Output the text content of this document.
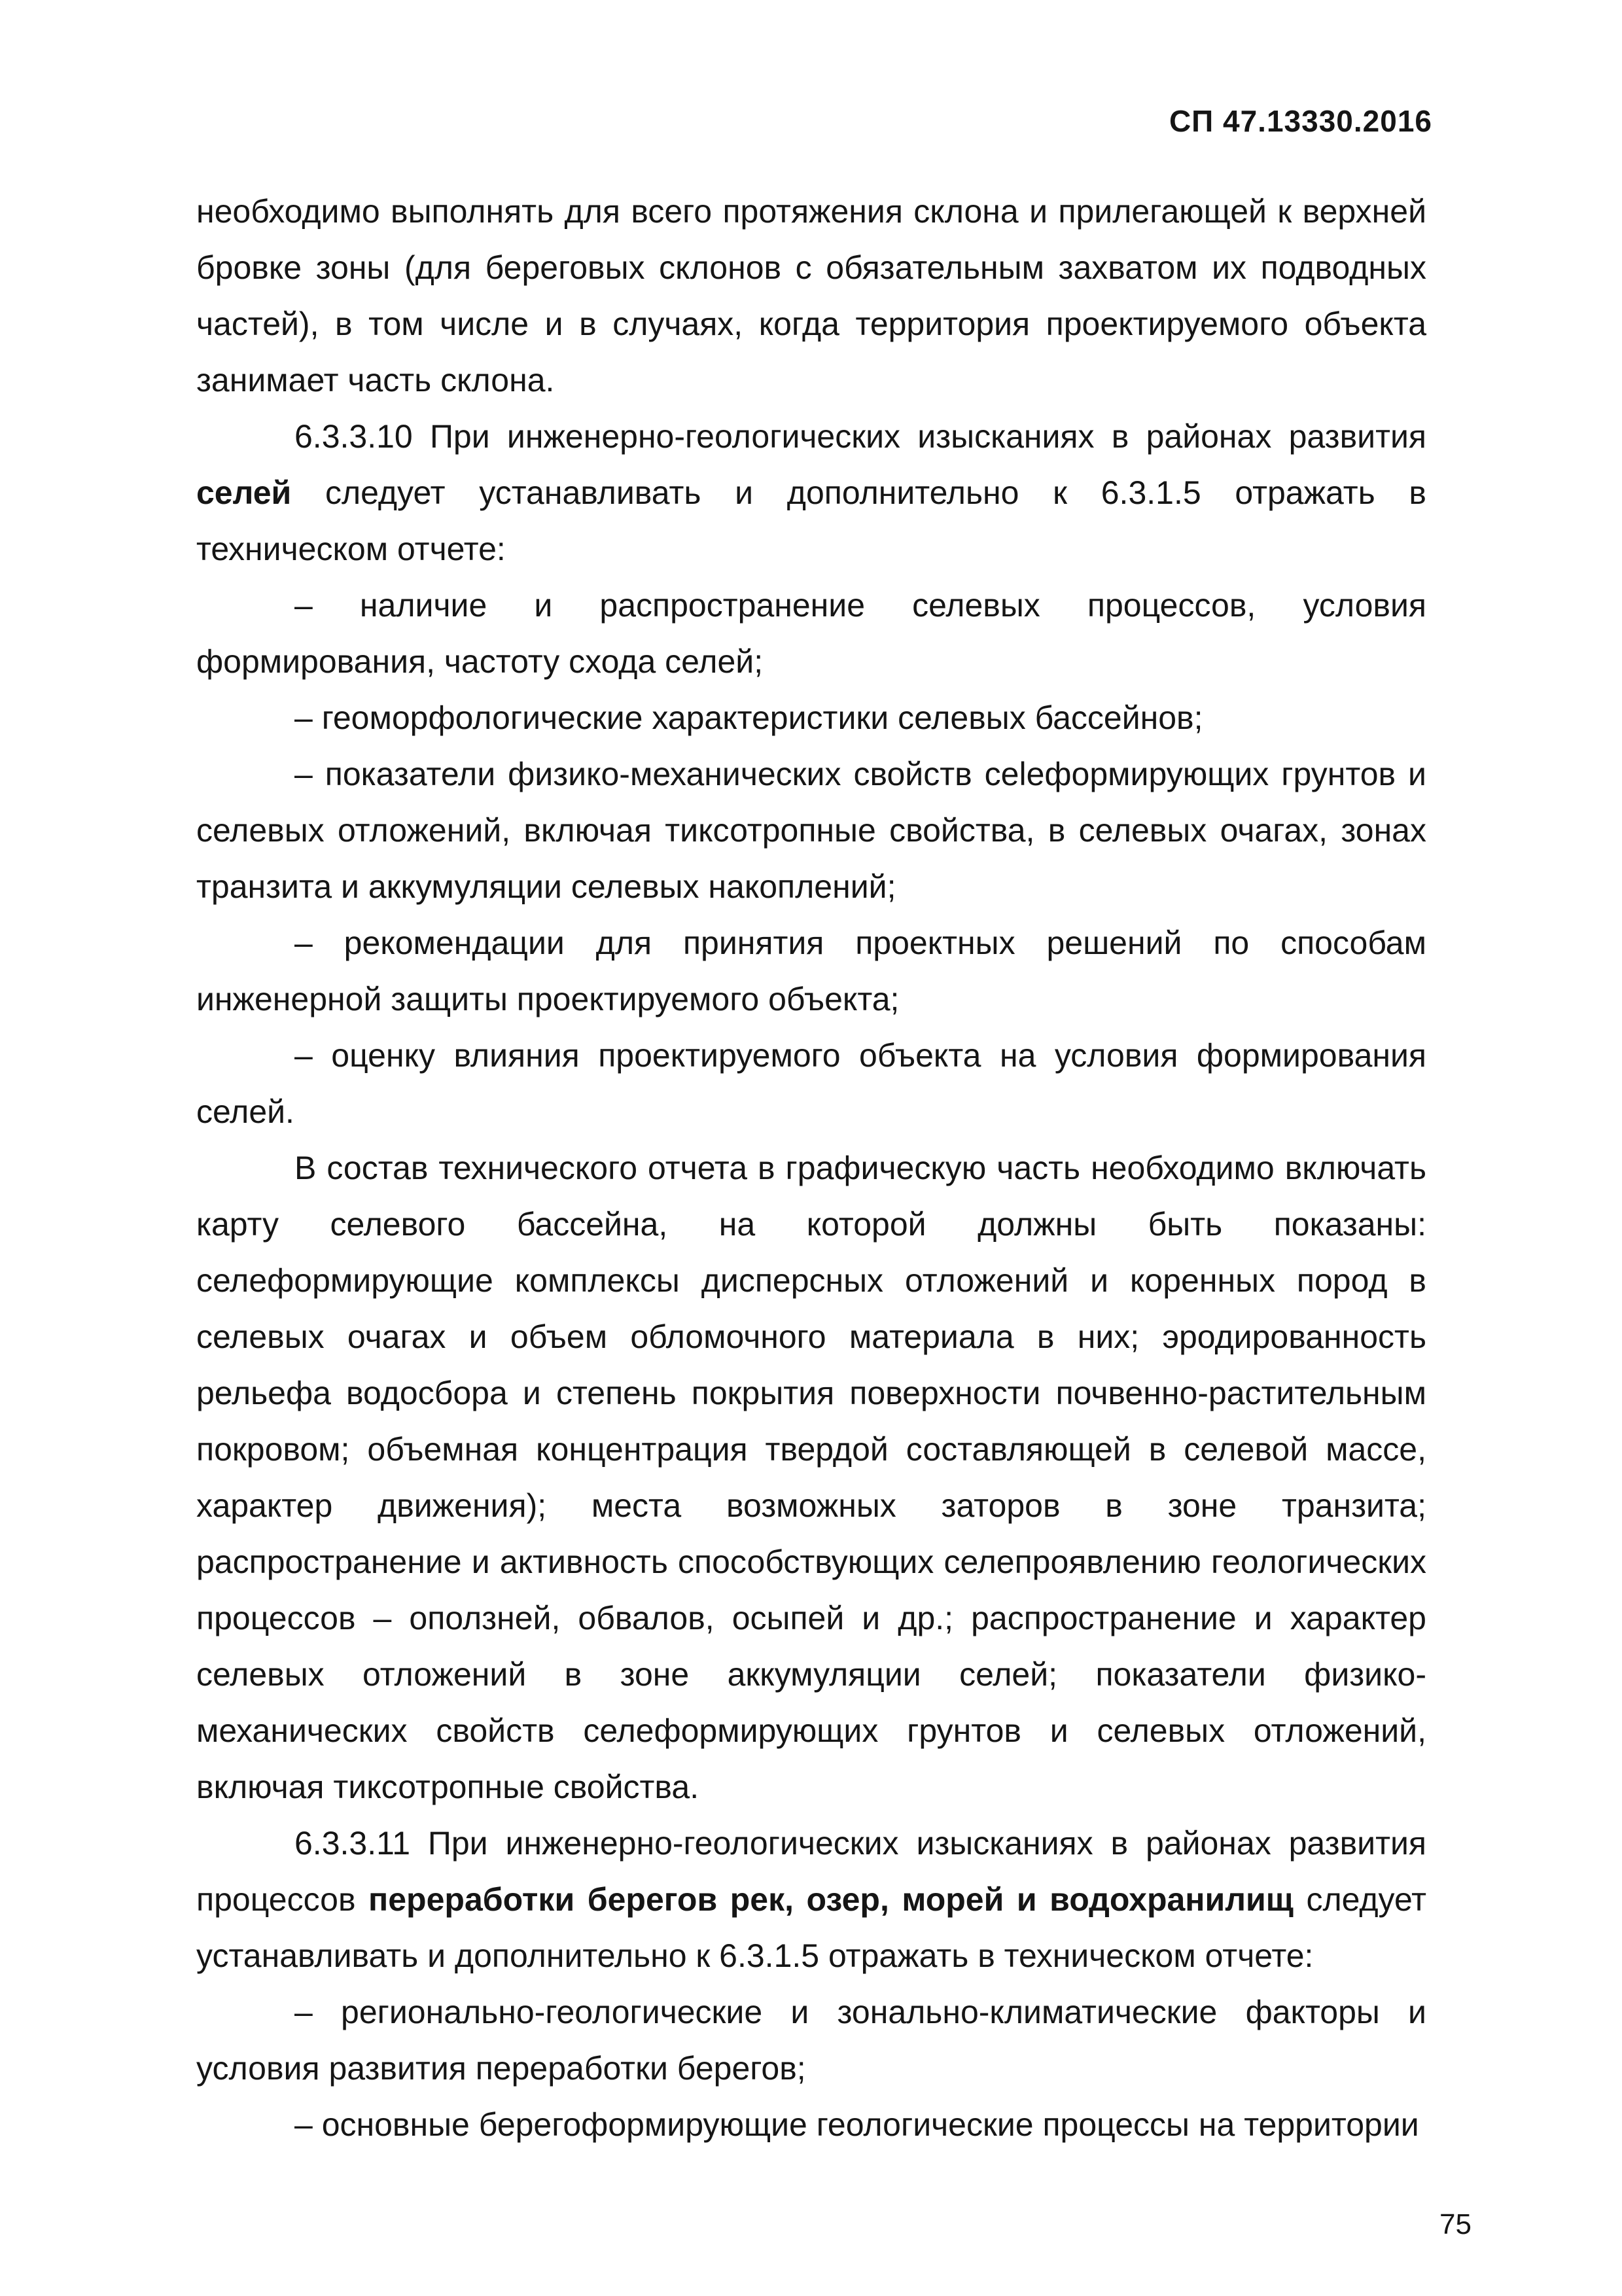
СП 47.13330.2016

необходимо выполнять для всего протяжения склона и прилегающей к верхней бровке зоны (для береговых склонов с обязательным захватом их подводных частей), в том числе и в случаях, когда территория проектируемого объекта занимает часть склона.

6.3.3.10 При инженерно-геологических изысканиях в районах развития селей следует устанавливать и дополнительно к 6.3.1.5 отражать в техническом отчете:

– наличие и распространение селевых процессов, условия формирования, частоту схода селей;

– геоморфологические характеристики селевых бассейнов;

– показатели физико-механических свойств celeформирующих грунтов и селевых отложений, включая тиксотропные свойства, в селевых очагах, зонах транзита и аккумуляции селевых накоплений;

– рекомендации для принятия проектных решений по способам инженерной защиты проектируемого объекта;

– оценку влияния проектируемого объекта на условия формирования селей.

В состав технического отчета в графическую часть необходимо включать карту селевого бассейна, на которой должны быть показаны: селеформирующие комплексы дисперсных отложений и коренных пород в селевых очагах и объем обломочного материала в них; эродированность рельефа водосбора и степень покрытия поверхности почвенно-растительным покровом; объемная концентрация твердой составляющей в селевой массе, характер движения); места возможных заторов в зоне транзита; распространение и активность способствующих селепроявлению геологических процессов – оползней, обвалов, осыпей и др.; распространение и характер селевых отложений в зоне аккумуляции селей; показатели физико-механических свойств селеформирующих грунтов и селевых отложений, включая тиксотропные свойства.

6.3.3.11 При инженерно-геологических изысканиях в районах развития процессов переработки берегов рек, озер, морей и водохранилищ следует устанавливать и дополнительно к 6.3.1.5 отражать в техническом отчете:

– регионально-геологические и зонально-климатические факторы и условия развития переработки берегов;

– основные берегоформирующие геологические процессы на территории

75
